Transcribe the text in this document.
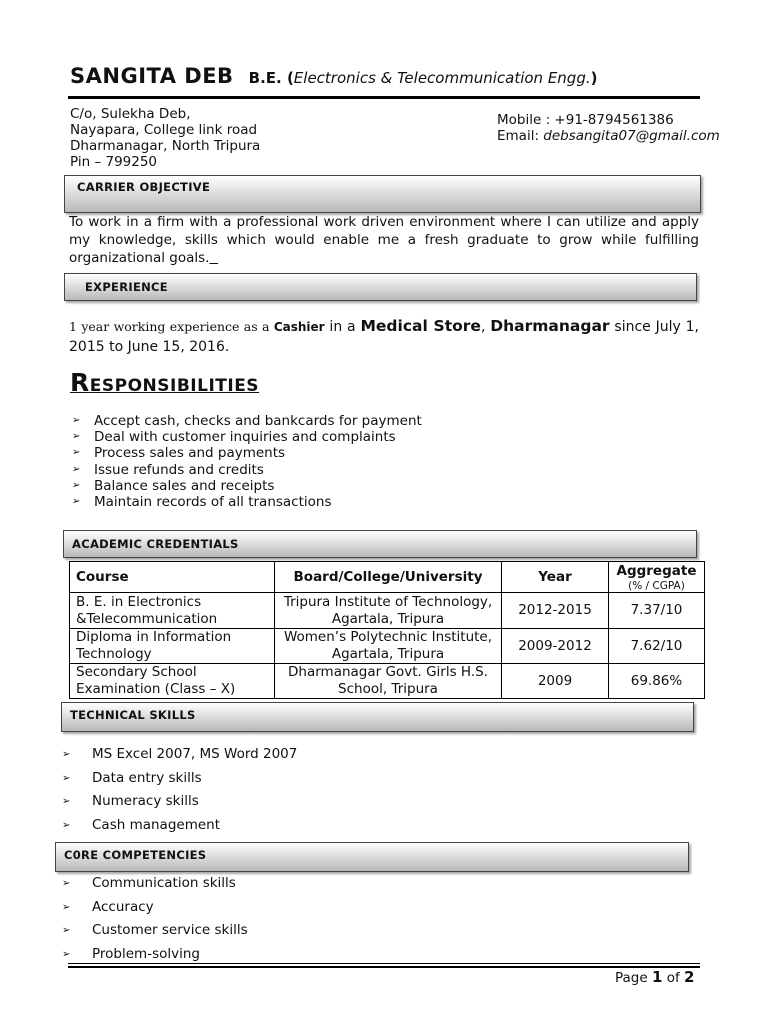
SANGITA DEB B.E. (Electronics & Telecommunication Engg.)
C/o, Sulekha Deb,
Nayapara, College link road
Dharmanagar, North Tripura
Pin – 799250
Mobile : +91-8794561386
Email: debsangita07@gmail.com
To work in a firm with a professional work driven environment where I can utilize and apply my knowledge, skills which would enable me a fresh graduate to grow while fulfilling organizational goals.
CARRIER OBJECTIVE
EXPERIENCE
1 year working experience as a Cashier in a Medical Store, Dharmanagar since July 1, 2015 to June 15, 2016.
RESPONSIBILITIES
➢ Accept cash, checks and bankcards for payment
➢ Deal with customer inquiries and complaints
➢ Process sales and payments
➢ Issue refunds and credits
➢ Balance sales and receipts
➢ Maintain records of all transactions
ACADEMIC CREDENTIALS
Course	Board/College/University	Year	Aggregate
(% / CGPA)

B. E. in Electronics &Telecommunication	Tripura Institute of Technology, Agartala, Tripura	2012-2015	7.37/10
Diploma in Information Technology	Women’s Polytechnic Institute, Agartala, Tripura	2009-2012	7.62/10
Secondary School Examination (Class – X)	Dharmanagar Govt. Girls H.S. School, Tripura	2009	69.86%
TECHNICAL SKILLS
➢ MS Excel 2007, MS Word 2007
➢ Data entry skills
➢ Numeracy skills
➢ Cash management
C0RE COMPETENCIES
➢ Communication skills
➢ Accuracy
➢ Customer service skills
➢ Problem-solving
Page 1 of 2
